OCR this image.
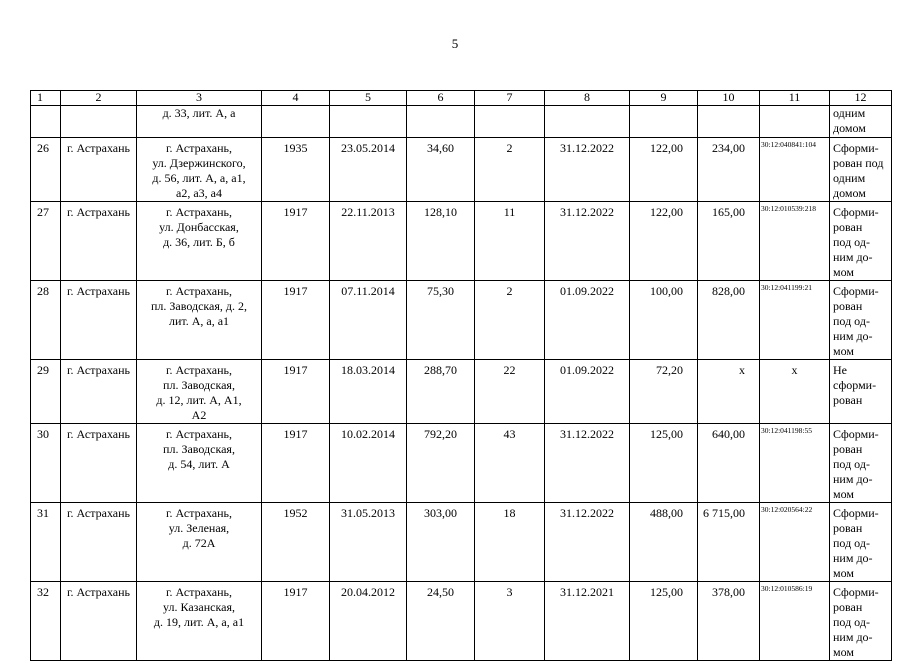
5
1	2	3	4	5	6	7	8	9	10	11	12
		д. 33, лит. А, а									одним домом
26	г. Астрахань	г. Астрахань,
ул. Дзержинского,
д. 56, лит. А, а, а1,
а2, а3, а4	1935	23.05.2014	34,60	2	31.12.2022	122,00	234,00	30:12:040841:104	Сформи-
рован под
одним
домом

27	г. Астрахань	г. Астрахань,
ул. Донбасская,
д. 36, лит. Б, б	1917	22.11.2013	128,10	11	31.12.2022	122,00	165,00	30:12:010539:218	Сформи-
рован
под од-
ним до-
мом

28	г. Астрахань	г. Астрахань,
пл. Заводская, д. 2,
лит. А, а, а1	1917	07.11.2014	75,30	2	01.09.2022	100,00	828,00	30:12:041199:21	Сформи-
рован
под од-
ним до-
мом

29	г. Астрахань	г. Астрахань,
пл. Заводская,
д. 12, лит. А, А1,
А2	1917	18.03.2014	288,70	22	01.09.2022	72,20	х	х	Не
сформи-
рован

30	г. Астрахань	г. Астрахань,
пл. Заводская,
д. 54, лит. А	1917	10.02.2014	792,20	43	31.12.2022	125,00	640,00	30:12:041198:55	Сформи-
рован
под од-
ним до-
мом

31	г. Астрахань	г. Астрахань,
ул. Зеленая,
д. 72А	1952	31.05.2013	303,00	18	31.12.2022	488,00	6 715,00	30:12:020564:22	Сформи-
рован
под од-
ним до-
мом

32	г. Астрахань	г. Астрахань,
ул. Казанская,
д. 19, лит. А, а, а1	1917	20.04.2012	24,50	3	31.12.2021	125,00	378,00	30:12:010586:19	Сформи-
рован
под од-
ним до-
мом
